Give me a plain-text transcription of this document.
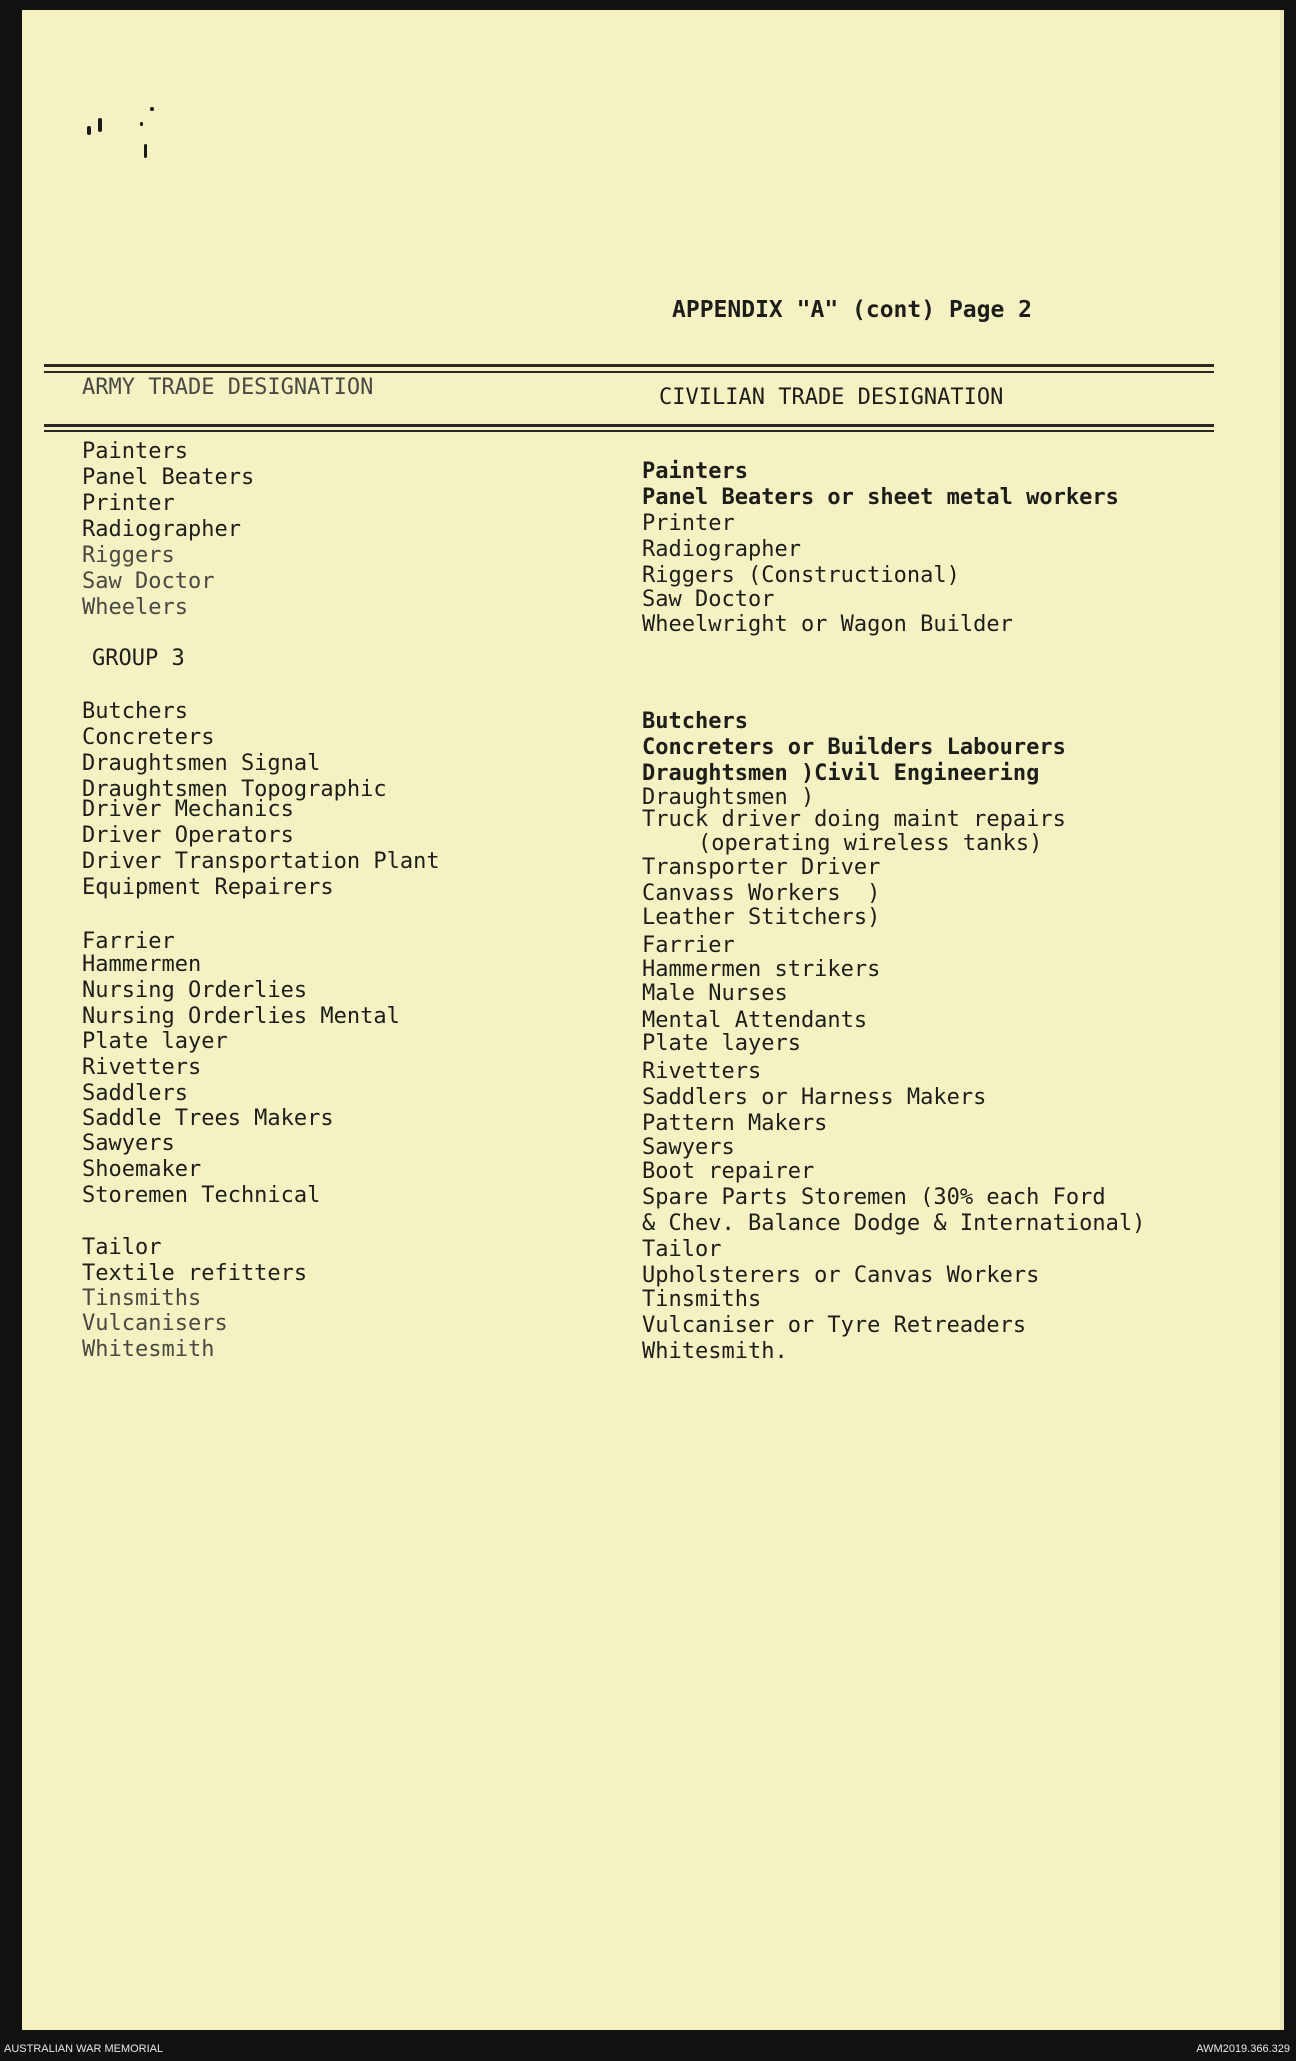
APPENDIX "A" (cont) Page 2

ARMY TRADE DESIGNATION	CIVILIAN TRADE DESIGNATION

Painters

Panel Beaters

Printer

Radiographer

Riggers

Saw Doctor

Wheelers

GROUP 3

Butchers

Concreters

Draughtsmen Signal

Draughtsmen Topographic

Driver Mechanics

Driver Operators

Driver Transportation Plant

Equipment Repairers

Farrier

Hammermen

Nursing Orderlies

Nursing Orderlies Mental

Plate layer

Rivetters

Saddlers

Saddle Trees Makers

Sawyers

Shoemaker

Storemen Technical

Tailor

Textile refitters

Tinsmiths

Vulcanisers

Whitesmith

Painters

Panel Beaters or sheet metal workers

Printer

Radiographer

Riggers (Constructional)

Saw Doctor

Wheelwright or Wagon Builder

Butchers

Concreters or Builders Labourers

Draughtsmen )Civil Engineering

Draughtsmen )

Truck driver doing maint repairs

(operating wireless tanks)

Transporter Driver

Canvass Workers  )

Leather Stitchers)

Farrier

Hammermen strikers

Male Nurses

Mental Attendants

Plate layers

Rivetters

Saddlers or Harness Makers

Pattern Makers

Sawyers

Boot repairer

Spare Parts Storemen (30% each Ford

& Chev. Balance Dodge & International)

Tailor

Upholsterers or Canvas Workers

Tinsmiths

Vulcaniser or Tyre Retreaders

Whitesmith.

AUSTRALIAN WAR MEMORIAL	AWM2019.366.329
